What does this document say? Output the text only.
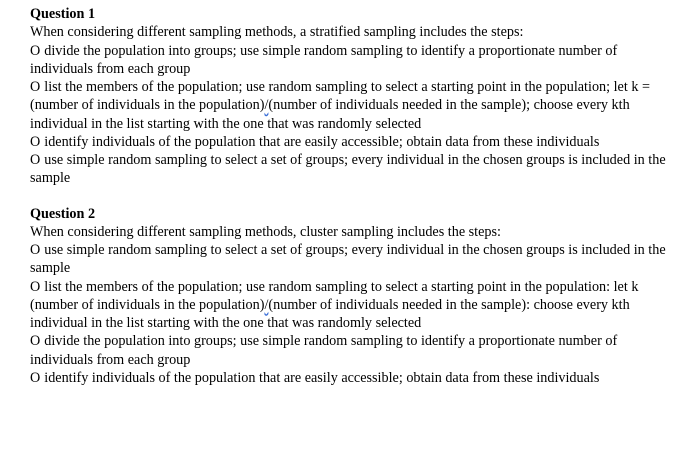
Question 1
When considering different sampling methods, a stratified sampling includes the steps:
O divide the population into groups; use simple random sampling to identify a proportionate number of individuals from each group
O list the members of the population; use random sampling to select a starting point in the population; let k = (number of individuals in the population)/(number of individuals needed in the sample); choose every kth individual in the list starting with the one that was randomly selected
O identify individuals of the population that are easily accessible; obtain data from these individuals
O use simple random sampling to select a set of groups; every individual in the chosen groups is included in the sample
Question 2
When considering different sampling methods, cluster sampling includes the steps:
O use simple random sampling to select a set of groups; every individual in the chosen groups is included in the sample
O list the members of the population; use random sampling to select a starting point in the population: let k (number of individuals in the population)/(number of individuals needed in the sample): choose every kth individual in the list starting with the one that was randomly selected
O divide the population into groups; use simple random sampling to identify a proportionate number of individuals from each group
O identify individuals of the population that are easily accessible; obtain data from these individuals
